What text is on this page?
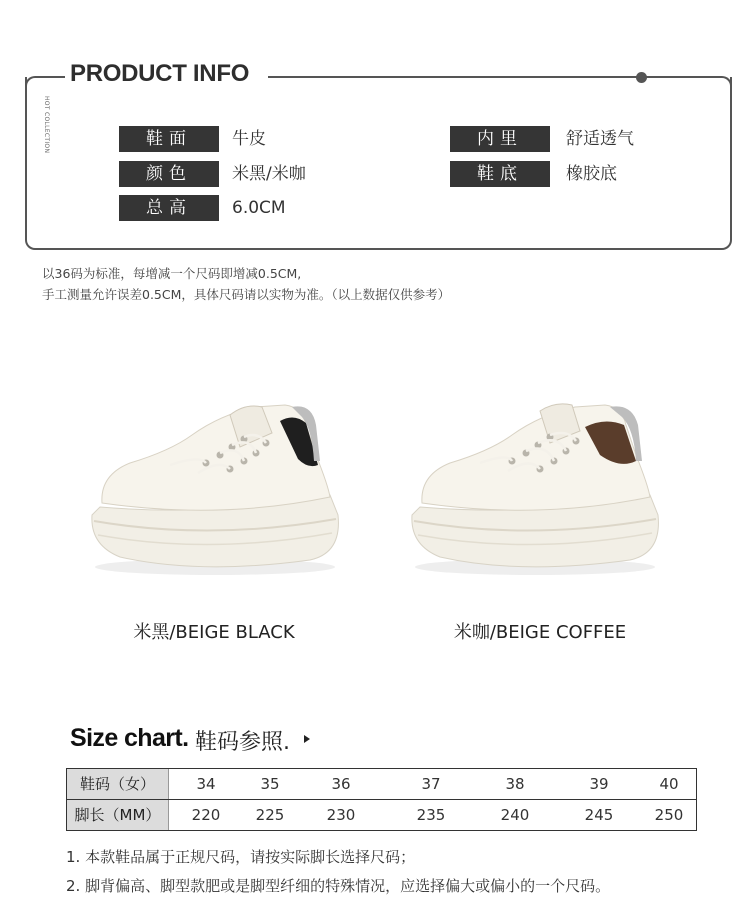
PRODUCT INFO
HOT COLLECTION	鞋面	牛皮
颜色	米黑/米咖
总高	6.0CM
内里	舒适透气
鞋底	橡胶底
以36码为标准，每增减一个尺码即增减0.5CM,
手工测量允许误差0.5CM，具体尺码请以实物为准。（以上数据仅供参考）
米黑/BEIGE BLACK	米咖/BEIGE COFFEE
Size chart. 鞋码参照.
鞋码（女）	34	35	36	37	38	39	40
脚长（MM）	220	225	230	235	240	245	250
1. 本款鞋品属于正规尺码，请按实际脚长选择尺码；
2. 脚背偏高、脚型款肥或是脚型纤细的特殊情况，应选择偏大或偏小的一个尺码。
